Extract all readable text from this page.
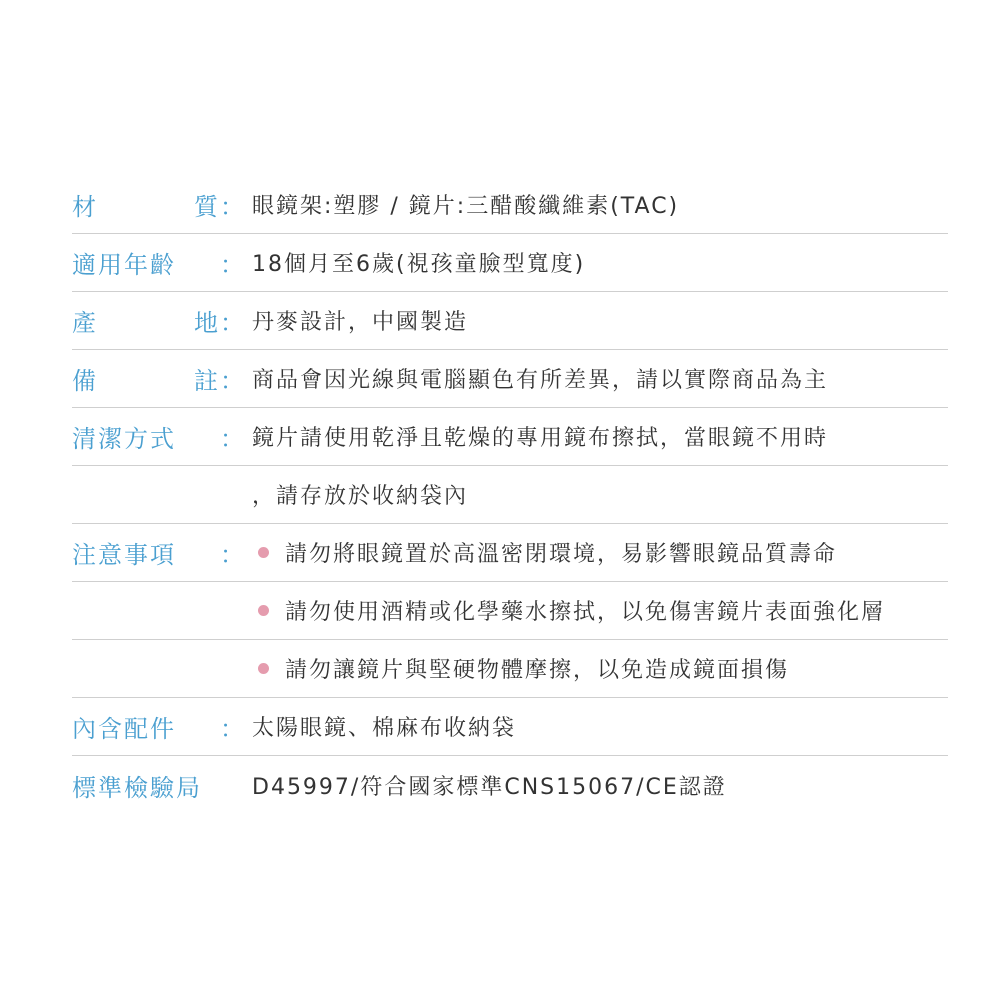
材	質 ： 眼鏡架:塑膠 / 鏡片:三醋酸纖維素(TAC)
適用年齡 ： 18個月至6歲(視孩童臉型寬度)
產	地 ： 丹麥設計，中國製造
備	註 ： 商品會因光線與電腦顯色有所差異，請以實際商品為主
清潔方式 ： 鏡片請使用乾淨且乾燥的專用鏡布擦拭，當眼鏡不用時
，請存放於收納袋內
注意事項 ： 請勿將眼鏡置於高溫密閉環境，易影響眼鏡品質壽命
請勿使用酒精或化學藥水擦拭，以免傷害鏡片表面強化層
請勿讓鏡片與堅硬物體摩擦，以免造成鏡面損傷
內含配件 ： 太陽眼鏡、棉麻布收納袋
標準檢驗局	D45997/符合國家標準CNS15067/CE認證
